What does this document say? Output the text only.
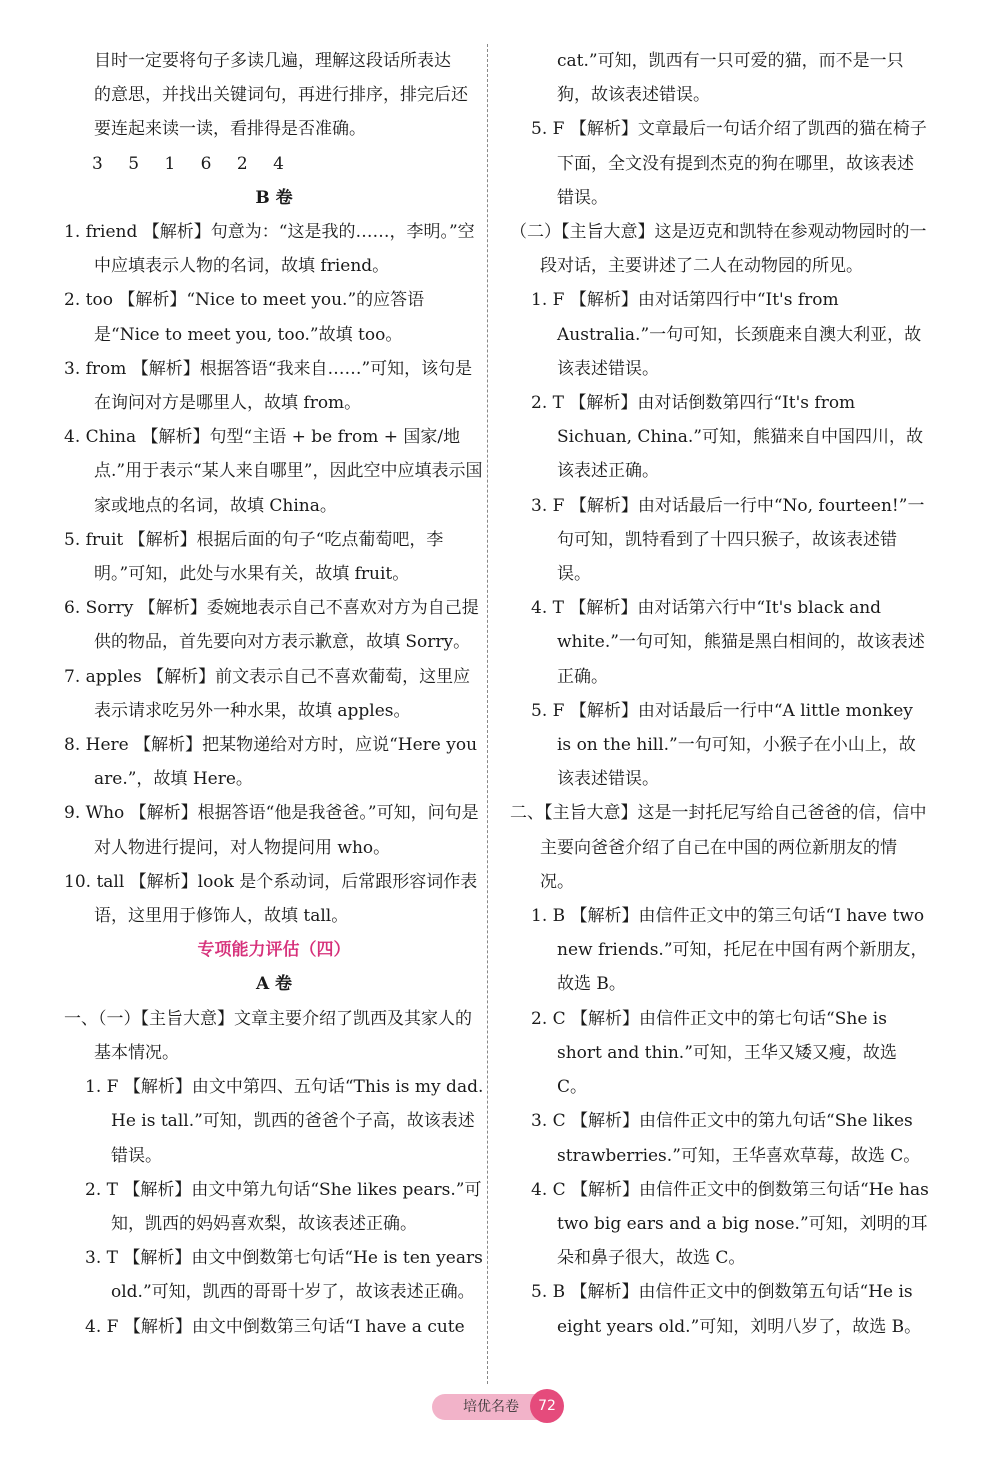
目时一定要将句子多读几遍，理解这段话所表达

的意思，并找出关键词句，再进行排序，排完后还

要连起来读一读，看排得是否准确。

3 5 1 6 2 4

B 卷

1. friend 【解析】句意为：“这是我的……，李明。”空中应填表示人物的名词，故填 friend。

2. too 【解析】“Nice to meet you.”的应答语是“Nice to meet you, too.”故填 too。

3. from 【解析】根据答语“我来自……”可知，该句是在询问对方是哪里人，故填 from。

4. China 【解析】句型“主语 + be from + 国家/地点.”用于表示“某人来自哪里”，因此空中应填表示国家或地点的名词，故填 China。

5. fruit 【解析】根据后面的句子“吃点葡萄吧，李明。”可知，此处与水果有关，故填 fruit。

6. Sorry 【解析】委婉地表示自己不喜欢对方为自己提供的物品，首先要向对方表示歉意，故填 Sorry。

7. apples 【解析】前文表示自己不喜欢葡萄，这里应表示请求吃另外一种水果，故填 apples。

8. Here 【解析】把某物递给对方时，应说“Here you are.”，故填 Here。

9. Who 【解析】根据答语“他是我爸爸。”可知，问句是对人物进行提问，对人物提问用 who。

10. tall 【解析】look 是个系动词，后常跟形容词作表语，这里用于修饰人，故填 tall。

专项能力评估（四）

A 卷

一、（一）【主旨大意】文章主要介绍了凯西及其家人的基本情况。

1. F 【解析】由文中第四、五句话“This is my dad. He is tall.”可知，凯西的爸爸个子高，故该表述错误。

2. T 【解析】由文中第九句话“She likes pears.”可知，凯西的妈妈喜欢梨，故该表述正确。

3. T 【解析】由文中倒数第七句话“He is ten years old.”可知，凯西的哥哥十岁了，故该表述正确。

4. F 【解析】由文中倒数第三句话“I have a cute

cat.”可知，凯西有一只可爱的猫，而不是一只

狗，故该表述错误。

5. F 【解析】文章最后一句话介绍了凯西的猫在椅子下面，全文没有提到杰克的狗在哪里，故该表述错误。

（二）【主旨大意】这是迈克和凯特在参观动物园时的一段对话，主要讲述了二人在动物园的所见。

1. F 【解析】由对话第四行中“It's from Australia.”一句可知，长颈鹿来自澳大利亚，故该表述错误。

2. T 【解析】由对话倒数第四行“It's from Sichuan, China.”可知，熊猫来自中国四川，故该表述正确。

3. F 【解析】由对话最后一行中“No, fourteen!”一句可知，凯特看到了十四只猴子，故该表述错误。

4. T 【解析】由对话第六行中“It's black and white.”一句可知，熊猫是黑白相间的，故该表述正确。

5. F 【解析】由对话最后一行中“A little monkey is on the hill.”一句可知，小猴子在小山上，故该表述错误。

二、【主旨大意】这是一封托尼写给自己爸爸的信，信中主要向爸爸介绍了自己在中国的两位新朋友的情况。

1. B 【解析】由信件正文中的第三句话“I have two new friends.”可知，托尼在中国有两个新朋友，故选 B。

2. C 【解析】由信件正文中的第七句话“She is short and thin.”可知，王华又矮又瘦，故选 C。

3. C 【解析】由信件正文中的第九句话“She likes strawberries.”可知，王华喜欢草莓，故选 C。

4. C 【解析】由信件正文中的倒数第三句话“He has two big ears and a big nose.”可知，刘明的耳朵和鼻子很大，故选 C。

5. B 【解析】由信件正文中的倒数第五句话“He is eight years old.”可知，刘明八岁了，故选 B。

培优名卷	72
